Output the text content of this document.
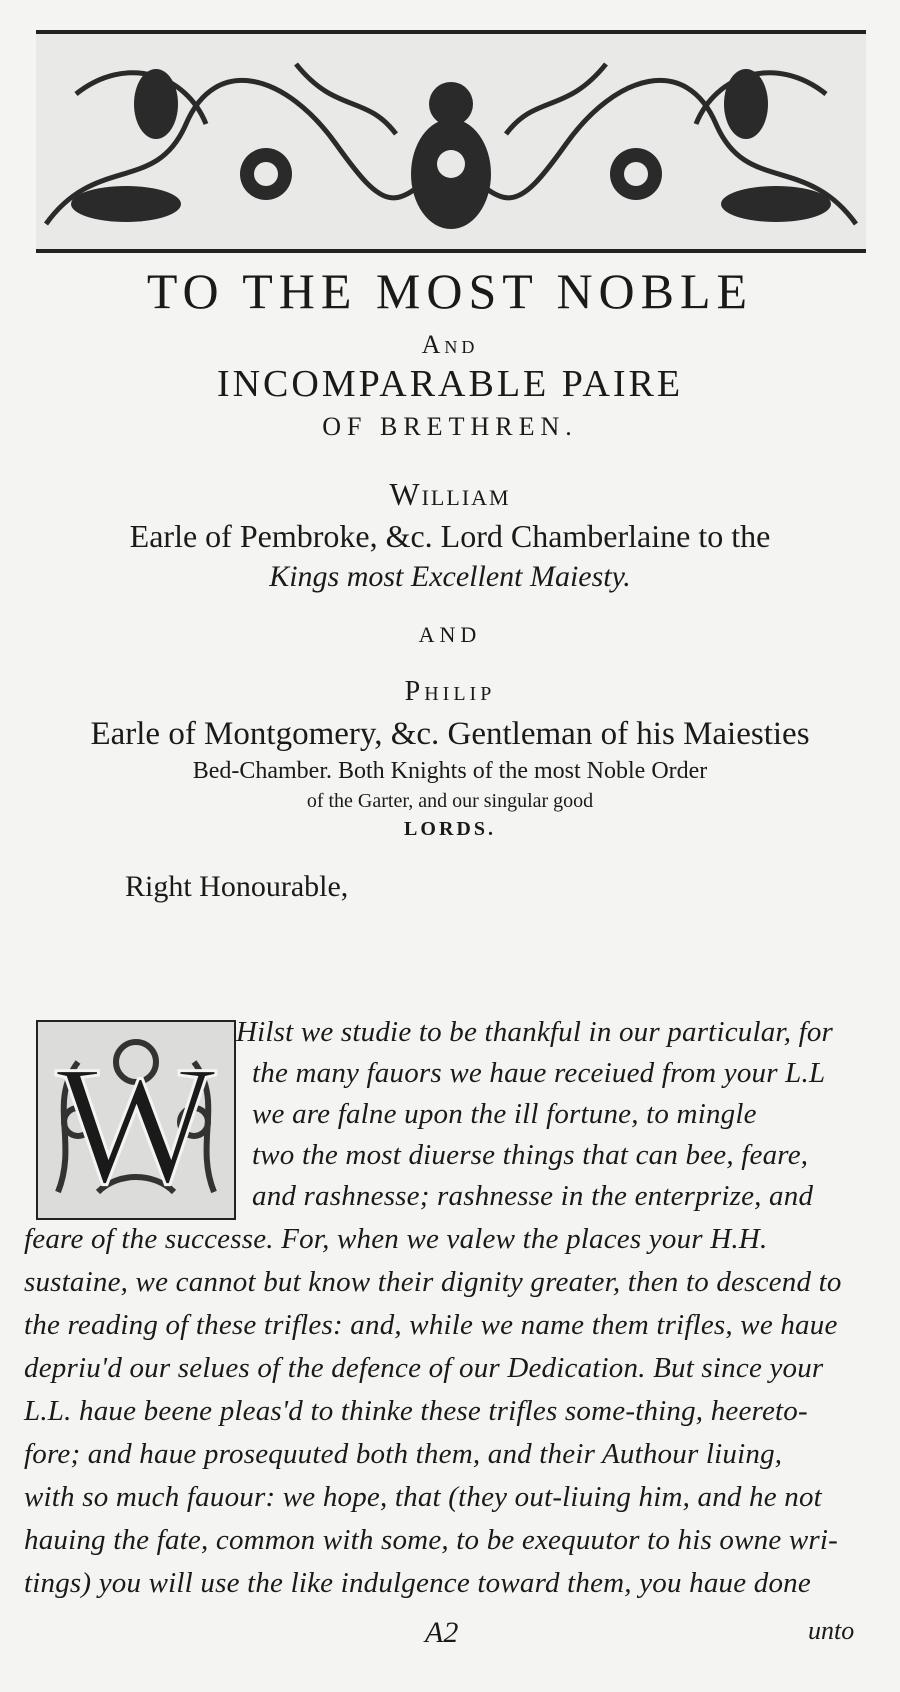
TO THE MOST NOBLE
And
INCOMPARABLE PAIRE
OF BRETHREN.
William
Earle of Pembroke, &c. Lord Chamberlaine to the
Kings most Excellent Maiesty.
AND
Philip
Earle of Montgomery, &c. Gentleman of his Maiesties
Bed-Chamber. Both Knights of the most Noble Order
of the Garter, and our singular good
LORDS.
Right Honourable,
W Hilst we studie to be thankful in our particular, for
the many fauors we haue receiued from your L.L
we are falne upon the ill fortune, to mingle
two the most diuerse things that can bee, feare,
and rashnesse; rashnesse in the enterprize, and
feare of the successe. For, when we valew the places your H.H.
sustaine, we cannot but know their dignity greater, then to descend to
the reading of these trifles: and, while we name them trifles, we haue
depriu'd our selues of the defence of our Dedication. But since your
L.L. haue beene pleas'd to thinke these trifles some-thing, heereto-
fore; and haue prosequuted both them, and their Authour liuing,
with so much fauour: we hope, that (they out-liuing him, and he not
hauing the fate, common with some, to be exequutor to his owne wri-
tings) you will use the like indulgence toward them, you haue done
A2	unto
